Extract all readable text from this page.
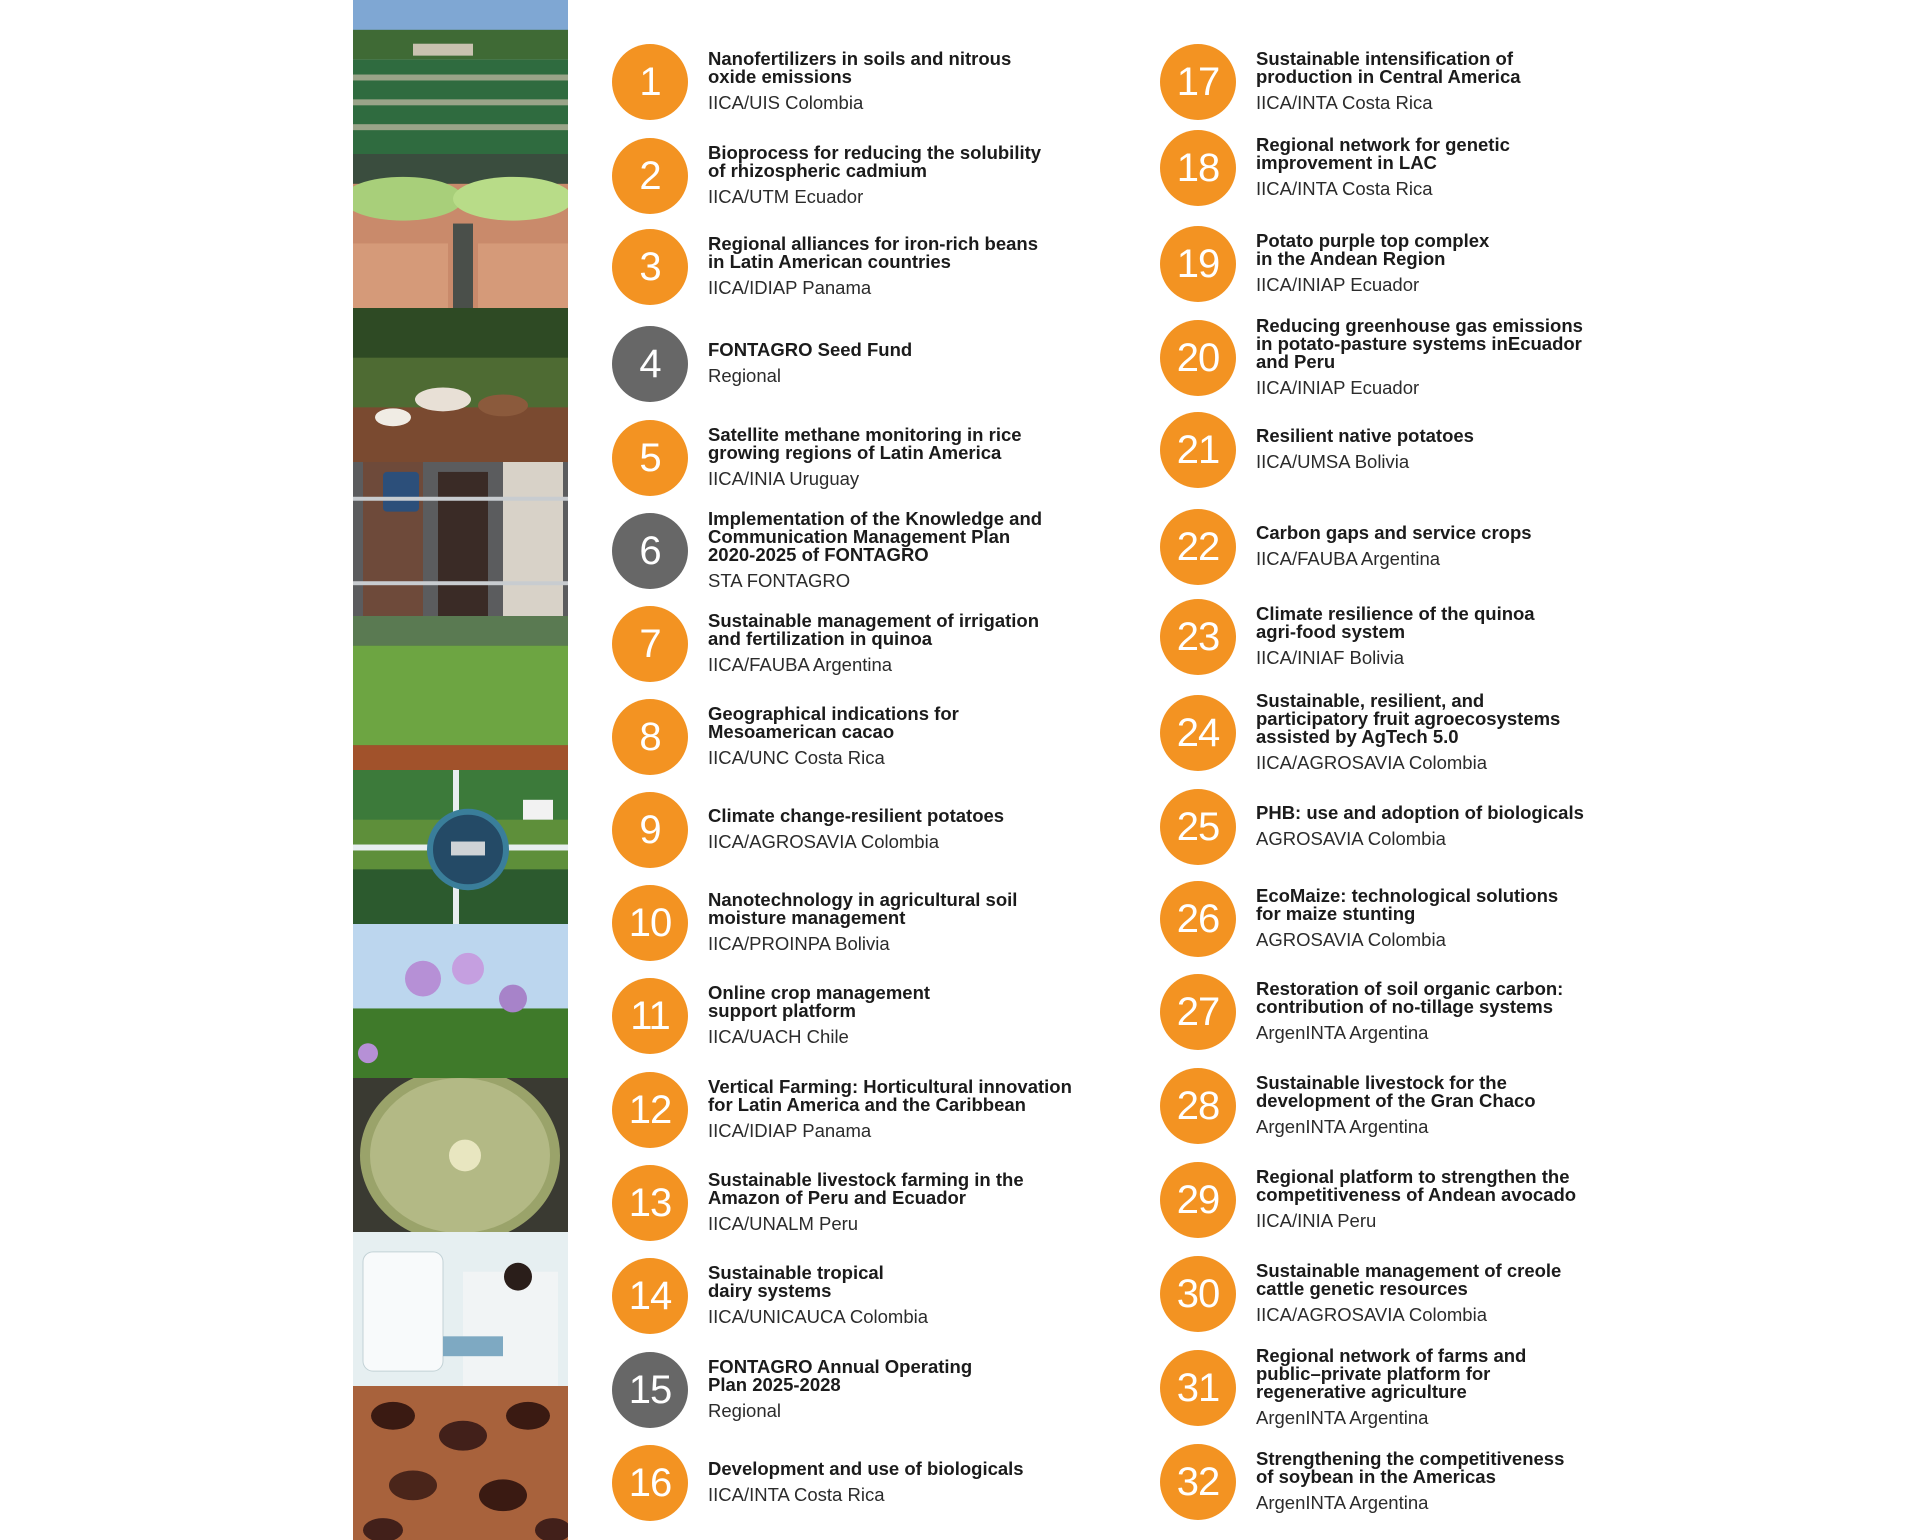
1
Nanofertilizers in soils and nitrous
oxide emissions
IICA/UIS Colombia
2
Bioprocess for reducing the solubility
of rhizospheric cadmium
IICA/UTM Ecuador
3
Regional alliances for iron-rich beans
in Latin American countries
IICA/IDIAP Panama
4	FONTAGRO Seed Fund
Regional
5
Satellite methane monitoring in rice
growing regions of Latin America
IICA/INIA Uruguay
6
Implementation of the Knowledge and
Communication Management Plan
2020-2025 of FONTAGRO
STA FONTAGRO
7
Sustainable management of irrigation
and fertilization in quinoa
IICA/FAUBA Argentina
8
Geographical indications for
Mesoamerican cacao
IICA/UNC Costa Rica
9	Climate change-resilient potatoes
IICA/AGROSAVIA Colombia
10
Nanotechnology in agricultural soil
moisture management
IICA/PROINPA Bolivia
11
Online crop management
support platform
IICA/UACH Chile
12
Vertical Farming: Horticultural innovation
for Latin America and the Caribbean
IICA/IDIAP Panama
13
Sustainable livestock farming in the
Amazon of Peru and Ecuador
IICA/UNALM Peru
14
Sustainable tropical
dairy systems
IICA/UNICAUCA Colombia
15
FONTAGRO Annual Operating
Plan 2025-2028
Regional
16	Development and use of biologicals
IICA/INTA Costa Rica
17
Sustainable intensification of
production in Central America
IICA/INTA Costa Rica
18
Regional network for genetic
improvement in LAC
IICA/INTA Costa Rica
19
Potato purple top complex
in the Andean Region
IICA/INIAP Ecuador
20
Reducing greenhouse gas emissions
in potato-pasture systems inEcuador
and Peru
IICA/INIAP Ecuador
21	Resilient native potatoes
IICA/UMSA Bolivia
22	Carbon gaps and service crops
IICA/FAUBA Argentina
23
Climate resilience of the quinoa
agri-food system
IICA/INIAF Bolivia
24
Sustainable, resilient, and
participatory fruit agroecosystems
assisted by AgTech 5.0
IICA/AGROSAVIA Colombia
25	PHB: use and adoption of biologicals
AGROSAVIA Colombia
26
EcoMaize: technological solutions
for maize stunting
AGROSAVIA Colombia
27
Restoration of soil organic carbon:
contribution of no-tillage systems
ArgenINTA Argentina
28
Sustainable livestock for the
development of the Gran Chaco
ArgenINTA Argentina
29
Regional platform to strengthen the
competitiveness of Andean avocado
IICA/INIA Peru
30
Sustainable management of creole
cattle genetic resources
IICA/AGROSAVIA Colombia
31
Regional network of farms and
public–private platform for
regenerative agriculture
ArgenINTA Argentina
32
Strengthening the competitiveness
of soybean in the Americas
ArgenINTA Argentina
